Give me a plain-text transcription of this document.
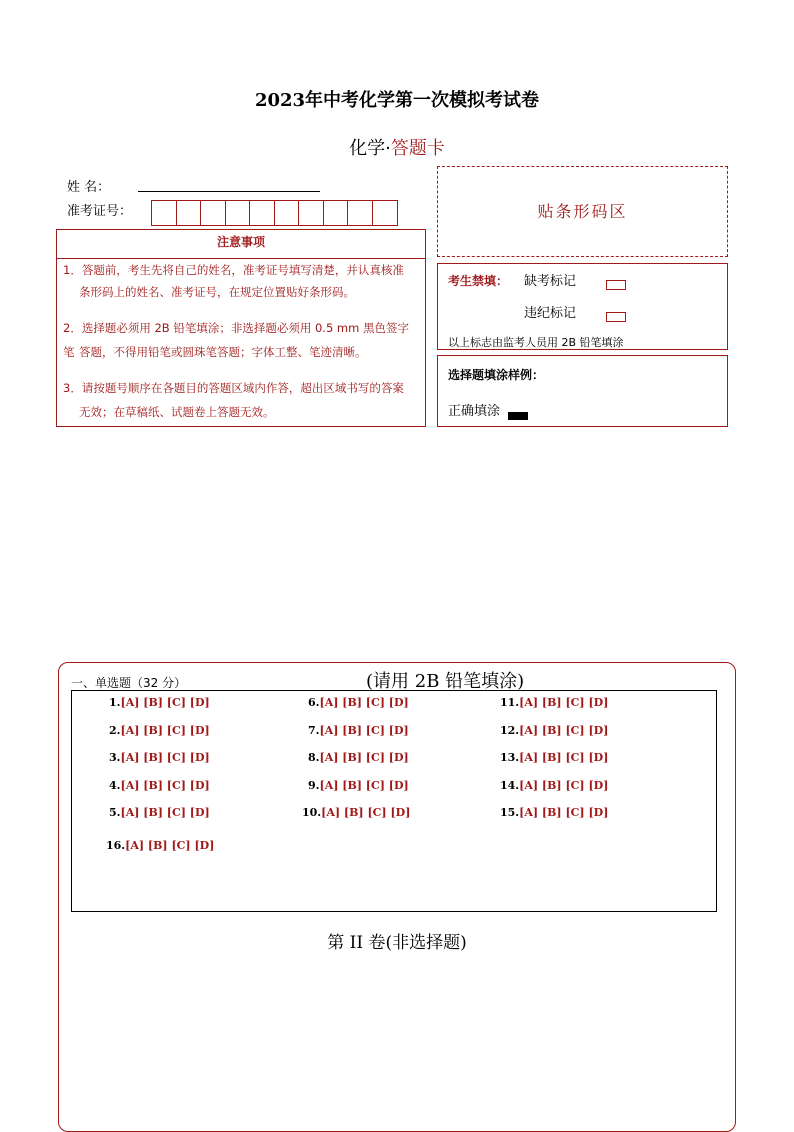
2023年中考化学第一次模拟考试卷
化学·答题卡
姓 名：
准考证号：
注意事项
1．答题前，考生先将自己的姓名，准考证号填写清楚，并认真核准
条形码上的姓名、准考证号，在规定位置贴好条形码。
2．选择题必须用 2B 铅笔填涂；非选择题必须用 0.5 mm 黑色签字笔 答题，不得用铅笔或圆珠笔答题；字体工整、笔迹清晰。
3．请按题号顺序在各题目的答题区域内作答，超出区域书写的答案
无效；在草稿纸、试题卷上答题无效。
贴条形码区
考生禁填： 缺考标记
违纪标记
以上标志由监考人员用 2B 铅笔填涂
选择题填涂样例：
正确填涂
一、单选题（32 分）	(请用 2B 铅笔填涂)
1.[A] [B] [C] [D]
2.[A] [B] [C] [D]
3.[A] [B] [C] [D]
4.[A] [B] [C] [D]
5.[A] [B] [C] [D]
16.[A] [B] [C] [D]
6.[A] [B] [C] [D]
7.[A] [B] [C] [D]
8.[A] [B] [C] [D]
9.[A] [B] [C] [D]
10.[A] [B] [C] [D]
11.[A] [B] [C] [D]
12.[A] [B] [C] [D]
13.[A] [B] [C] [D]
14.[A] [B] [C] [D]
15.[A] [B] [C] [D]
第 II 卷(非选择题)
